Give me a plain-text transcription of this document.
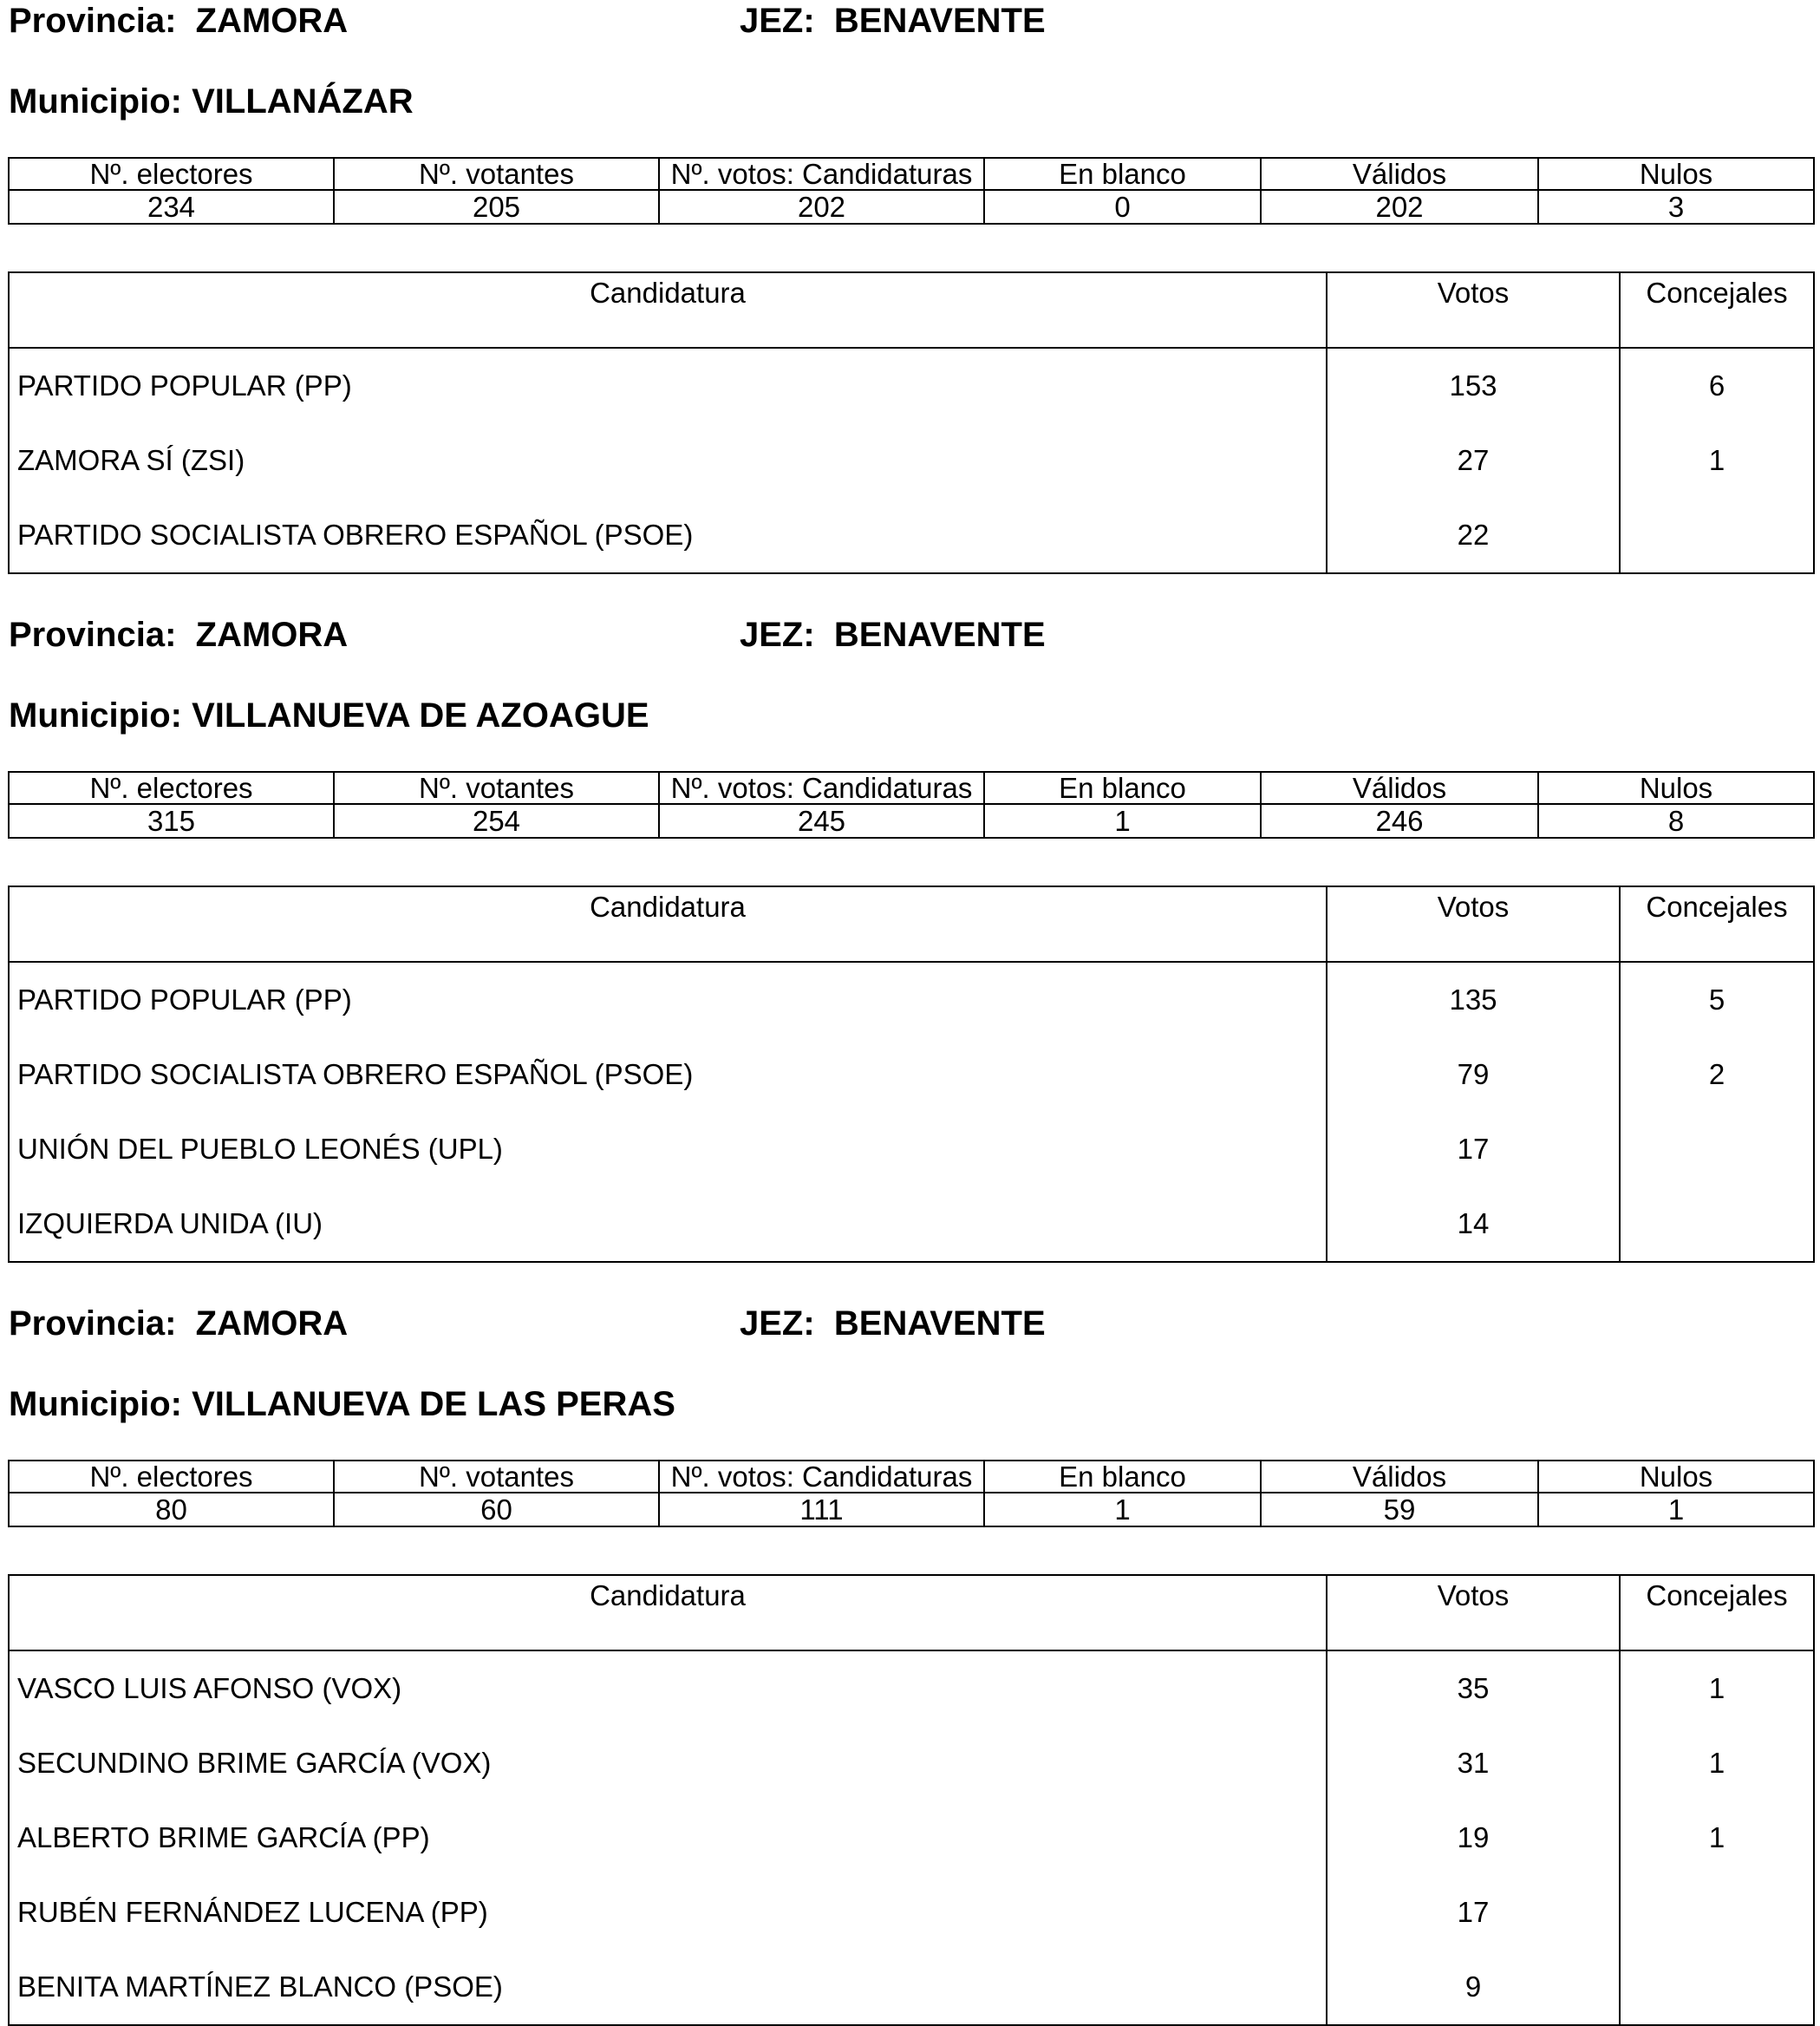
Provincia: ZAMORA	JEZ: BENAVENTE
Municipio: VILLANÁZAR
Nº. electores	Nº. votantes	Nº. votos: Candidaturas	En blanco	Válidos	Nulos
234	205	202	0	202	3
Candidatura	Votos	Concejales
PARTIDO POPULAR (PP)	153	6
ZAMORA SÍ (ZSI)	27	1
PARTIDO SOCIALISTA OBRERO ESPAÑOL (PSOE)	22	
Provincia: ZAMORA	JEZ: BENAVENTE
Municipio: VILLANUEVA DE AZOAGUE
Nº. electores	Nº. votantes	Nº. votos: Candidaturas	En blanco	Válidos	Nulos
315	254	245	1	246	8
Candidatura	Votos	Concejales
PARTIDO POPULAR (PP)	135	5
PARTIDO SOCIALISTA OBRERO ESPAÑOL (PSOE)	79	2
UNIÓN DEL PUEBLO LEONÉS (UPL)	17	
IZQUIERDA UNIDA (IU)	14	
Provincia: ZAMORA	JEZ: BENAVENTE
Municipio: VILLANUEVA DE LAS PERAS
Nº. electores	Nº. votantes	Nº. votos: Candidaturas	En blanco	Válidos	Nulos
80	60	111	1	59	1
Candidatura	Votos	Concejales
VASCO LUIS AFONSO (VOX)	35	1
SECUNDINO BRIME GARCÍA (VOX)	31	1
ALBERTO BRIME GARCÍA (PP)	19	1
RUBÉN FERNÁNDEZ LUCENA (PP)	17	
BENITA MARTÍNEZ BLANCO (PSOE)	9	
